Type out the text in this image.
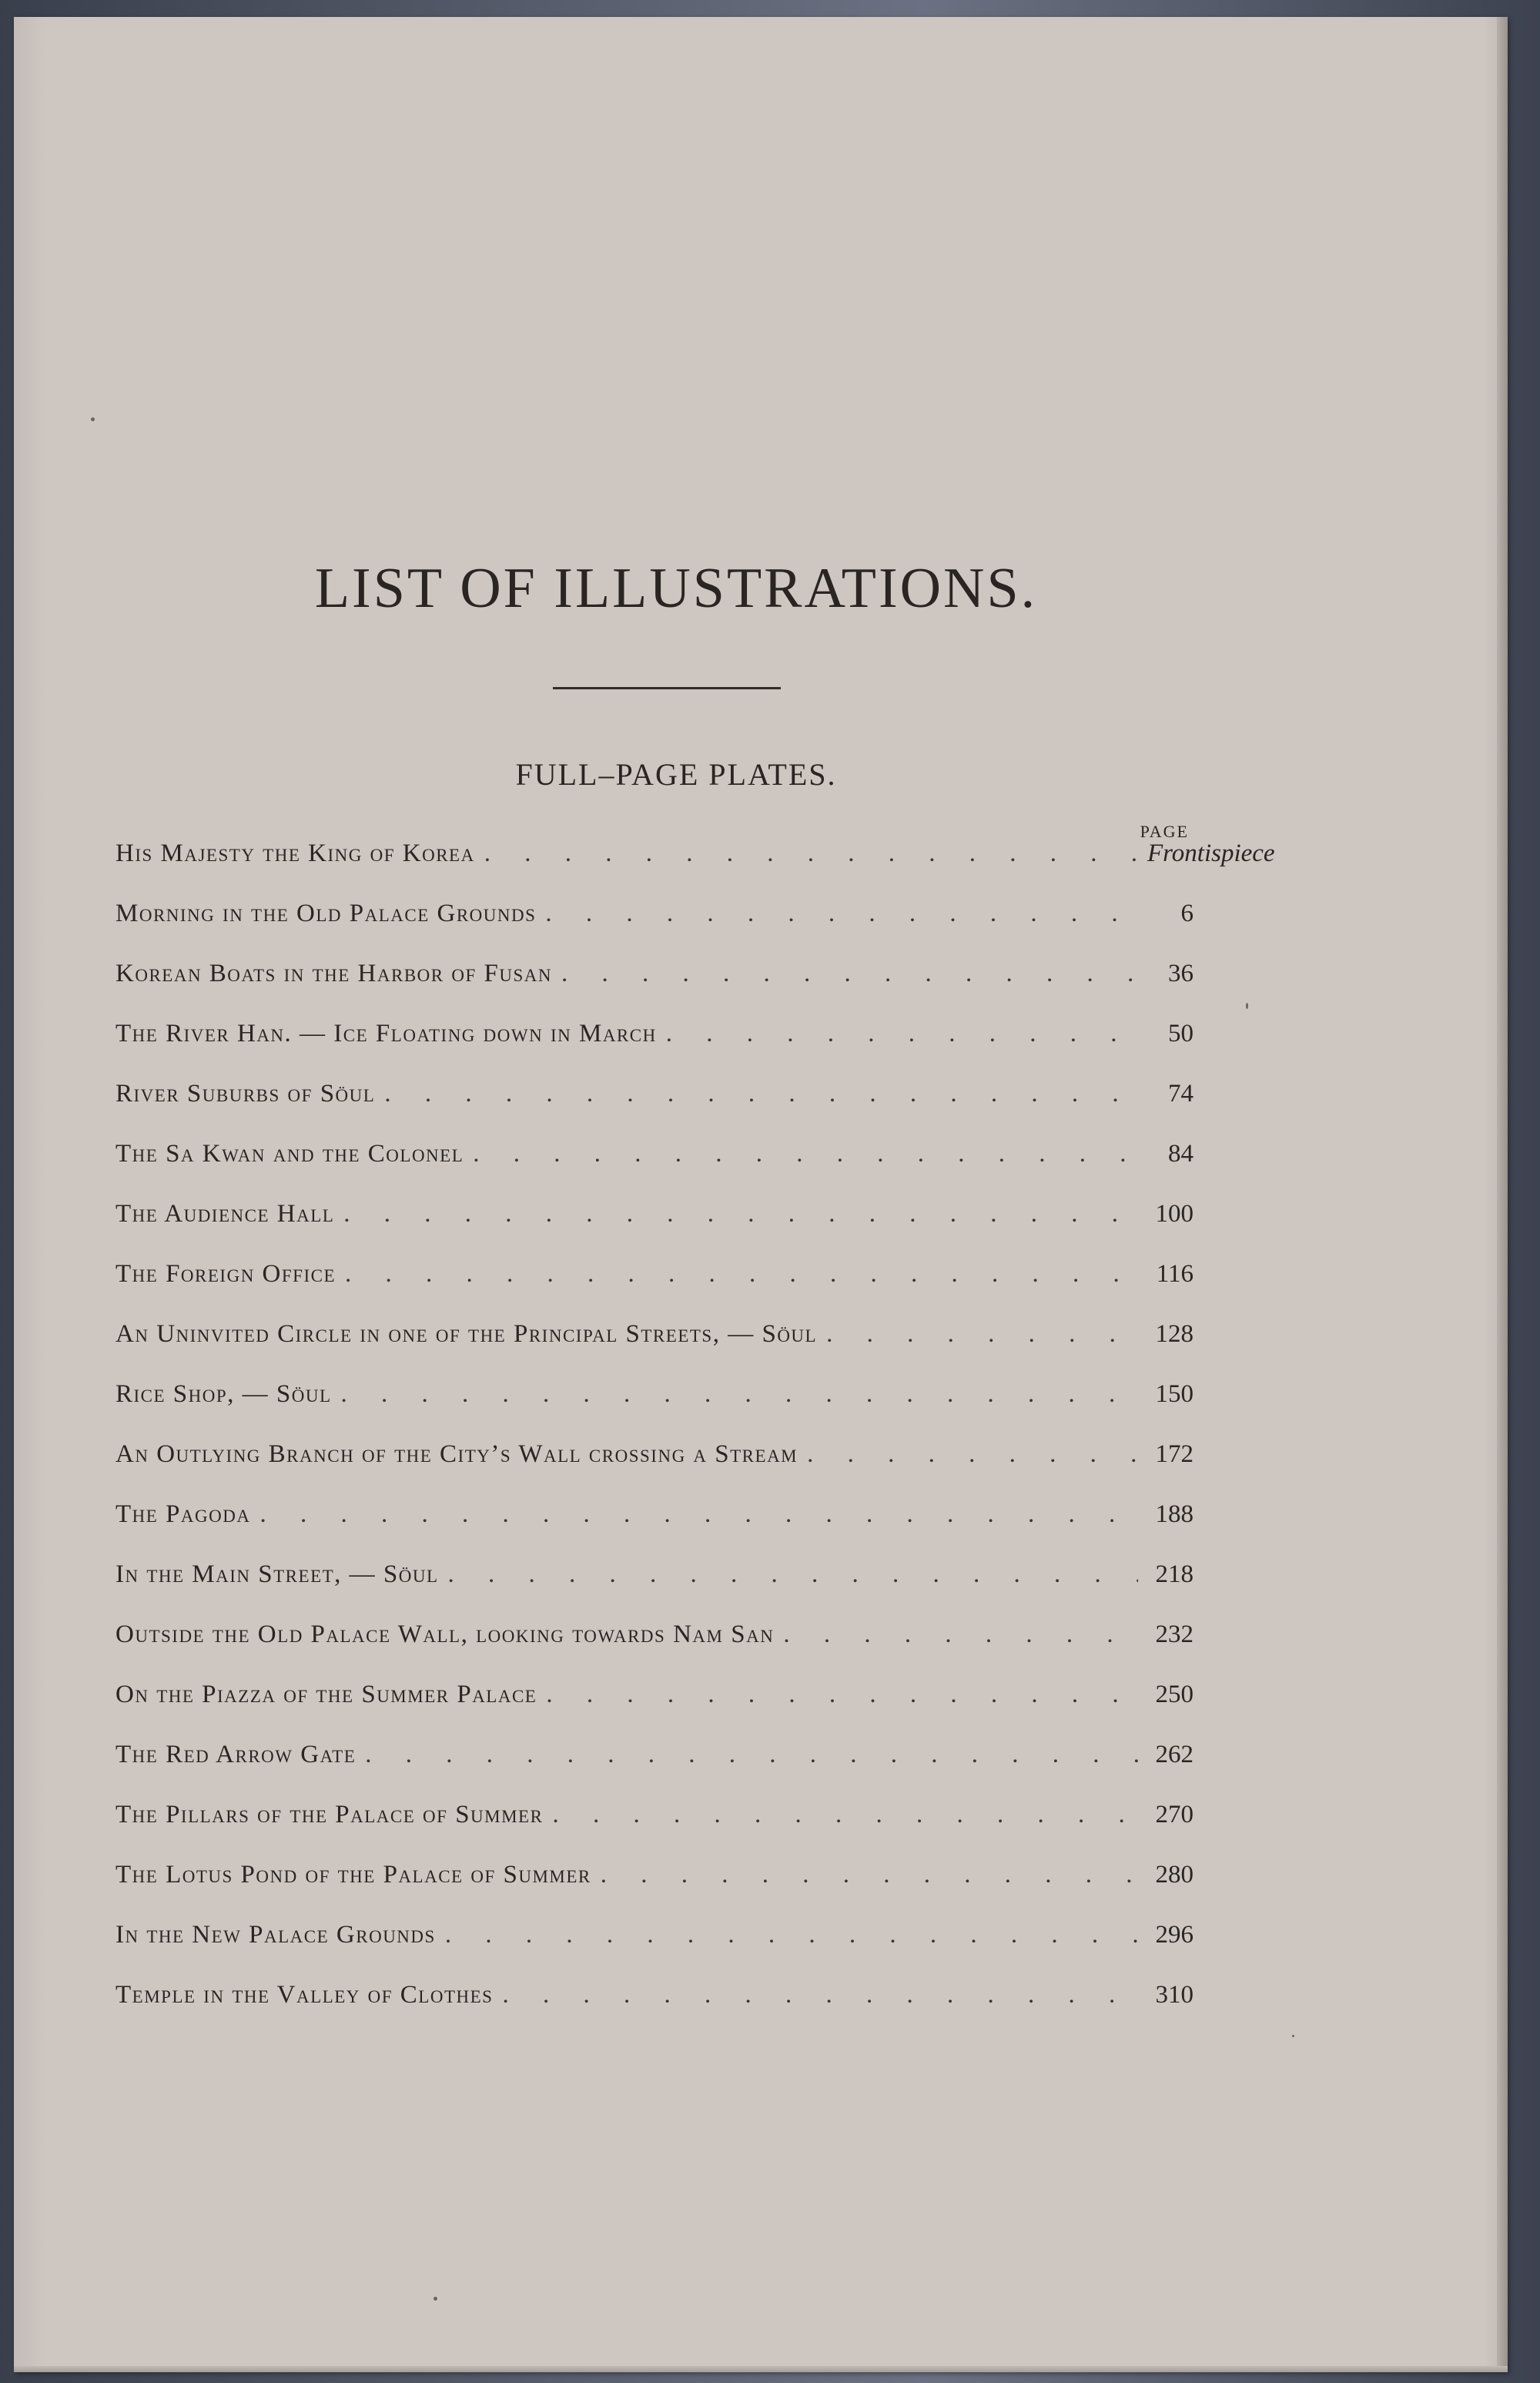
LIST OF ILLUSTRATIONS.
FULL–PAGE PLATES.
PAGE
His Majesty the King of Korea . . .	Frontispiece
Morning in the Old Palace Grounds . . .	6
Korean Boats in the Harbor of Fusan . . .	36
The River Han. — Ice Floating down in March . . .	50
River Suburbs of Söul . . .	74
The Sa Kwan and the Colonel . . .	84
The Audience Hall . . .	100
The Foreign Office . . .	116
An Uninvited Circle in one of the Principal Streets, — Söul . . .	128
Rice Shop, — Söul . . .	150
An Outlying Branch of the City’s Wall crossing a Stream . . .	172
The Pagoda . . .	188
In the Main Street, — Söul . . .	218
Outside the Old Palace Wall, looking towards Nam San . . .	232
On the Piazza of the Summer Palace . . .	250
The Red Arrow Gate . . .	262
The Pillars of the Palace of Summer . . .	270
The Lotus Pond of the Palace of Summer . . .	280
In the New Palace Grounds . . .	296
Temple in the Valley of Clothes . . .	310
